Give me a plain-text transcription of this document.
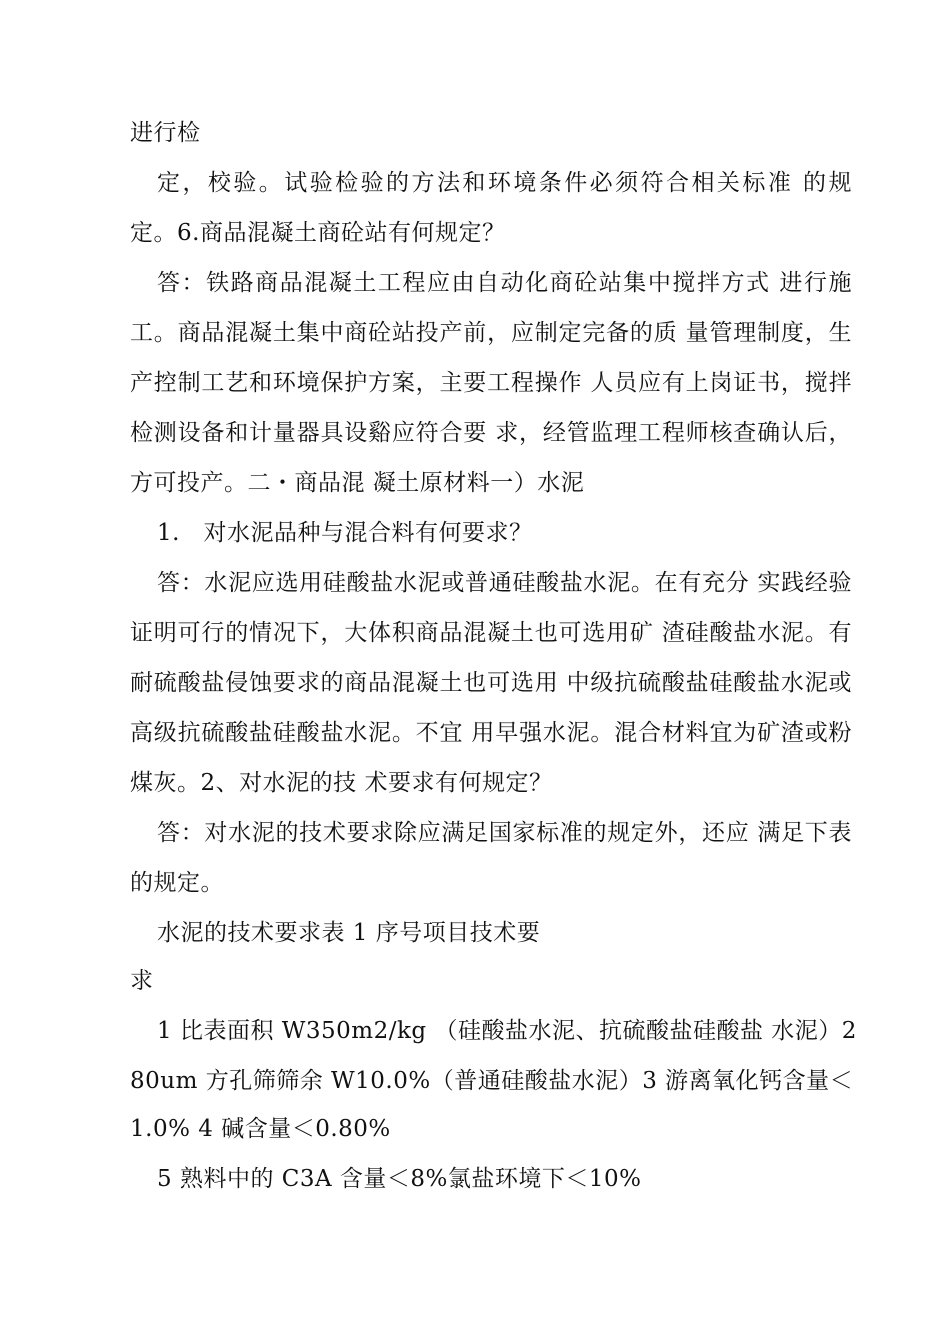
进行检
定，校验。试验检验的方法和环境条件必须符合相关标准 的规
定。6.商品混凝土商砼站有何规定？
答：铁路商品混凝土工程应由自动化商砼站集中搅拌方式 进行施
工。商品混凝土集中商砼站投产前，应制定完备的质 量管理制度，生
产控制工艺和环境保护方案，主要工程操作 人员应有上岗证书，搅拌
检测设备和计量器具设谿应符合要 求，经管监理工程师核查确认后，
方可投产。二・商品混 凝土原材料一）水泥
1.　对水泥品种与混合料有何要求？
答：水泥应选用硅酸盐水泥或普通硅酸盐水泥。在有充分 实践经验
证明可行的情况下，大体积商品混凝土也可选用矿 渣硅酸盐水泥。有
耐硫酸盐侵蚀要求的商品混凝土也可选用 中级抗硫酸盐硅酸盐水泥或
高级抗硫酸盐硅酸盐水泥。不宜 用早强水泥。混合材料宜为矿渣或粉
煤灰。2、对水泥的技 术要求有何规定？
答：对水泥的技术要求除应满足国家标准的规定外，还应 满足下表
的规定。
水泥的技术要求表 1 序号项目技术要
求
1 比表面积 W350m2/kg （硅酸盐水泥、抗硫酸盐硅酸盐 水泥）2
80um 方孔筛筛余 W10.0%（普通硅酸盐水泥）3 游离氧化钙含量＜
1.0% 4 碱含量＜0.80%
5 熟料中的 C3A 含量＜8%氯盐环境下＜10%
